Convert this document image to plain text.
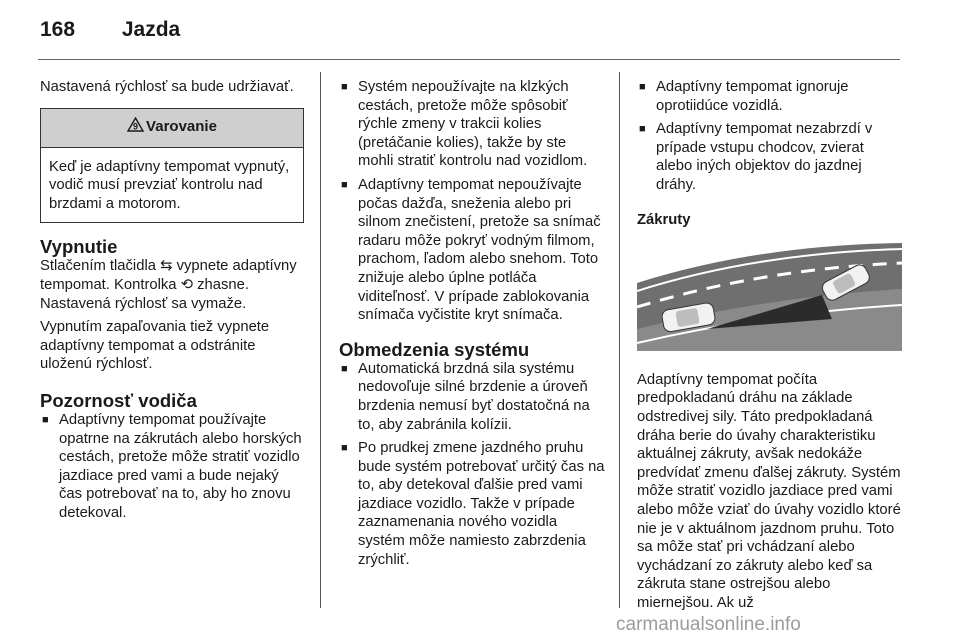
168 Jazda

Nastavená rýchlosť sa bude udržiavať.

9 Varovanie
Keď je adaptívny tempomat vypnutý, vodič musí prevziať kontrolu nad brzdami a motorom.
Vypnutie

Stlačením tlačidla ⇆ vypnete adaptívny tempomat. Kontrolka ⟲ zhasne. Nastavená rýchlosť sa vymaže.

Vypnutím zapaľovania tiež vypnete adaptívny tempomat a odstránite uloženú rýchlosť.

Pozornosť vodiča
■ Adaptívny tempomat používajte opatrne na zákrutách alebo horských cestách, pretože môže stratiť vozidlo jazdiace pred vami a bude nejaký čas potrebovať na to, aby ho znovu detekoval.
■ Systém nepoužívajte na klzkých cestách, pretože môže spôsobiť rýchle zmeny v trakcii kolies (pretáčanie kolies), takže by ste mohli stratiť kontrolu nad vozidlom.
■ Adaptívny tempomat nepoužívajte počas dažďa, sneženia alebo pri silnom znečistení, pretože sa snímač radaru môže pokryť vodným filmom, prachom, ľadom alebo snehom. Toto znižuje alebo úplne potláča viditeľnosť. V prípade zablokovania snímača vyčistite kryt snímača.
Obmedzenia systému
■ Automatická brzdná sila systému nedovoľuje silné brzdenie a úroveň brzdenia nemusí byť dostatočná na to, aby zabránila kolízii.
■ Po prudkej zmene jazdného pruhu bude systém potrebovať určitý čas na to, aby detekoval ďalšie pred vami jazdiace vozidlo. Takže v prípade zaznamenania nového vozidla systém môže namiesto zabrzdenia zrýchliť.
■ Adaptívny tempomat ignoruje oprotiidúce vozidlá.
■ Adaptívny tempomat nezabrzdí v prípade vstupu chodcov, zvierat alebo iných objektov do jazdnej dráhy.
Zákruty

Adaptívny tempomat počíta predpokladanú dráhu na základe odstredivej sily. Táto predpokladaná dráha berie do úvahy charakteristiku aktuálnej zákruty, avšak nedokáže predvídať zmenu ďalšej zákruty. Systém môže stratiť vozidlo jazdiace pred vami alebo môže vziať do úvahy vozidlo ktoré nie je v aktuálnom jazdnom pruhu. Toto sa môže stať pri vchádzaní alebo vychádzaní zo zákruty alebo keď sa zákruta stane ostrejšou alebo miernejšou. Ak už

carmanualsonline.info
